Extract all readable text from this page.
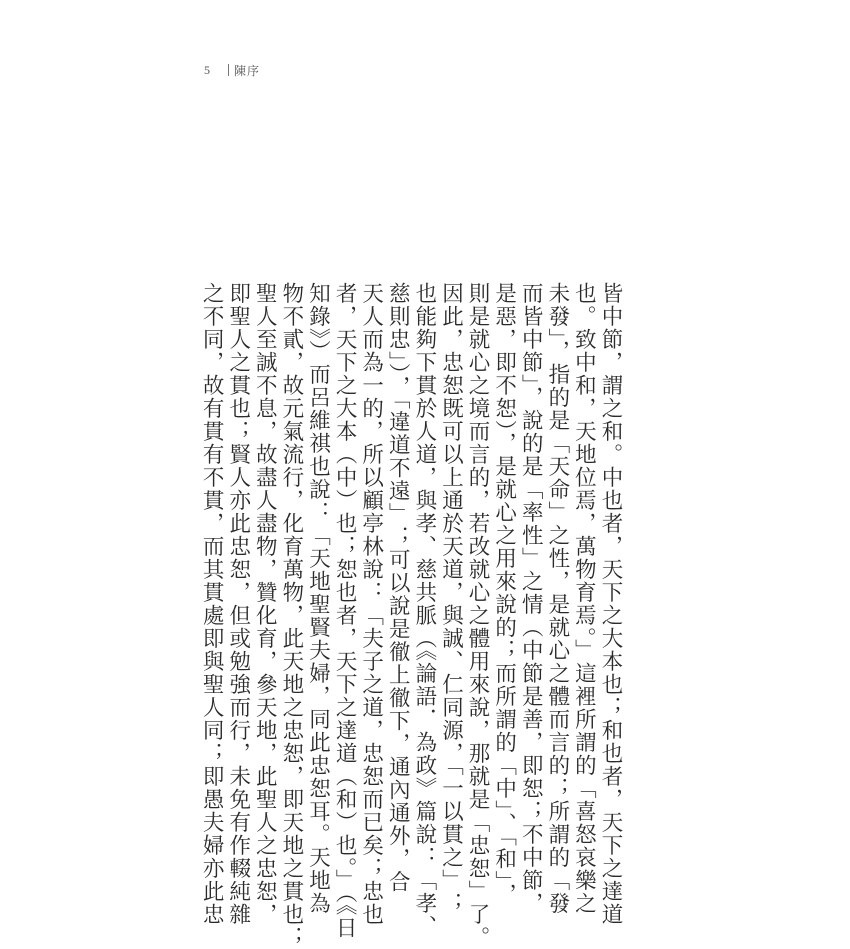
5 陳序
皆中節，謂之和。中也者，天下之大本也；和也者，天下之達道
也。致中和，天地位焉，萬物育焉。」這裡所謂的「喜怒哀樂之
未發」，指的是「天命」之性，是就心之體而言的；所謂的「發
而皆中節」，說的是「率性」之情（中節是善，即恕；不中節，
是惡，即不恕），是就心之用來說的；而所謂的「中」、「和」，
則是就心之境而言的，若改就心之體用來說，那就是「忠恕」了。
因此，忠恕既可以上通於天道，與誠、仁同源，「一以貫之」；
也能夠下貫於人道，與孝、慈共脈（《論語．為政》篇說：「孝、
慈則忠」），「違道不遠」；可以說是徹上徹下，通內通外，合
天人而為一的，所以顧亭林說：「夫子之道，忠恕而已矣；忠也
者，天下之大本（中）也；恕也者，天下之達道（和）也。」（《日
知錄》）而呂維祺也說：「天地聖賢夫婦，同此忠恕耳。天地為
物不貳，故元氣流行，化育萬物，此天地之忠恕，即天地之貫也；
聖人至誠不息，故盡人盡物，贊化育，參天地，此聖人之忠恕，
即聖人之貫也；賢人亦此忠恕，但或勉強而行，未免有作輟純雜
之不同，故有貫有不貫，而其貫處即與聖人同；即愚夫婦亦此忠
